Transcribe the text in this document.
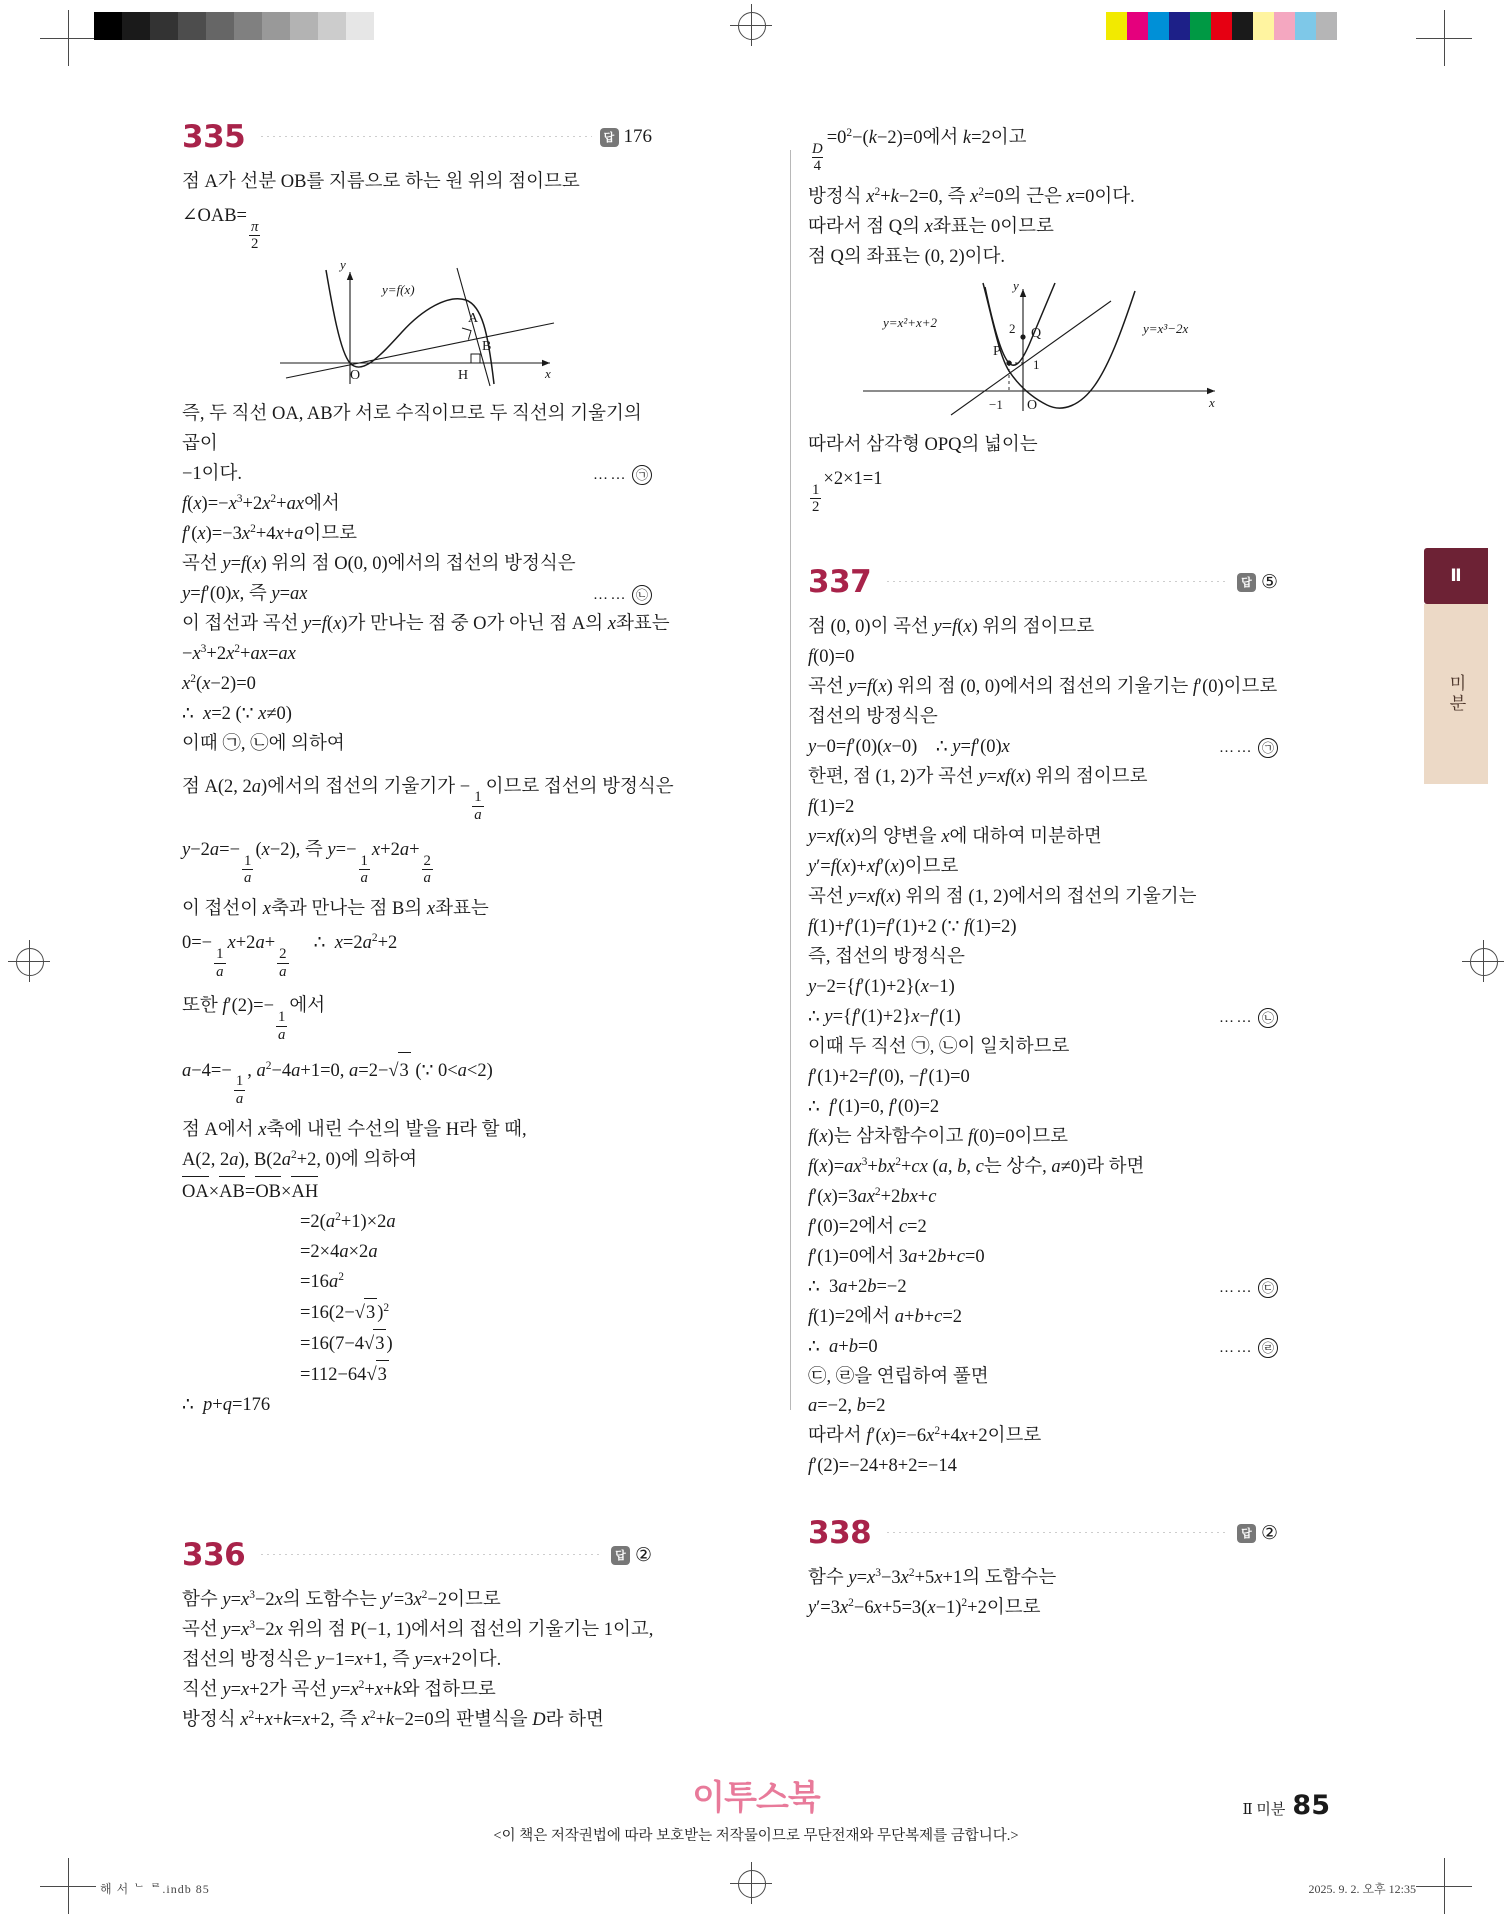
335	답 176
점 A가 선분 OB를 지름으로 하는 원 위의 점이므로
∠OAB=
$\frac{\pi}{2}$
y
x
y=f(x)
A
B
O	H
즉, 두 직선 OA, AB가 서로 수직이므로 두 직선의 기울기의 곱이
−1이다.	…… ㉠
$f(x)=-x^3+2x^2+ax$에서
$f'(x)=-3x^2+4x+a$이므로
곡선 y=f(x) 위의 점 O(0, 0)에서의 접선의 방정식은
y=f′(0)x, 즉 y=ax	…… ㉡
이 접선과 곡선 y=f(x)가 만나는 점 중 O가 아닌 점 A의 x좌표는
$-x^3+2x^2+ax=ax$
$x^2(x-2)=0$
∴  x=2 (∵ x≠0)
이때 ㉠, ㉡에 의하여
점 A(2, 2a)에서의 접선의 기울기가 −
$\frac{1}{a}$
이므로 접선의 방정식은
y−2a=−
$\frac{1}{a}$
(x−2), 즉 y=−
$\frac{1}{a}$
x+2a+
$\frac{2}{a}$
이 접선이 x축과 만나는 점 B의 x좌표는
0=−
$\frac{1}{a}$
x+2a+
$\frac{2}{a}$
∴  $x=2a^2+2$
또한 f′(2)=−
$\frac{1}{a}$
에서
a−4=−
$\frac{1}{a}$
, $a^2-4a+1=0$, a=2−√3 (∵ 0<a<2)
점 A에서 x축에 내린 수선의 발을 H라 할 때,
A(2, 2a), $B(2a^2+2$, 0)에 의하여
OA×AB=OB×AH
$=2(a^2+1)\times 2a$
=2×4a×2a
$=16a^2$
=16(2−√3 )$^2$
=16(7−4√3 )
=112−64√3
∴  p+q=176
336	답 ②
함수 $y=x^3-2x$의 도함수는 $y'=3x^2-2$이므로
곡선 $y=x^3-2x$ 위의 점 P(−1, 1)에서의 접선의 기울기는 1이고,
접선의 방정식은 y−1=x+1, 즉 y=x+2이다.
직선 y=x+2가 곡선 $y=x^2+x+k$와 접하므로
방정식 $x^2+x+k=x+2$, 즉 $x^2+k-2=0$의 판별식을 D라 하면
$\frac{D}{4}$
$=0^2-(k-2)=0$에서 k=2이고
방정식 $x^2+k-2=0$, 즉 $x^2=0$의 근은 x=0이다.
따라서 점 Q의 x좌표는 0이므로
점 Q의 좌표는 (0, 2)이다.
y
x
y=x²+x+2	y=x³−2x
P
Q
2
1
−1 O
따라서 삼각형 OPQ의 넓이는
$\frac{1}{2}$
×2×1=1
337	답 ⑤
점 (0, 0)이 곡선 y=f(x) 위의 점이므로
f(0)=0
곡선 y=f(x) 위의 점 (0, 0)에서의 접선의 기울기는 f′(0)이므로
접선의 방정식은
y−0=f′(0)(x−0)    ∴ y=f′(0)x	…… ㉠
한편, 점 (1, 2)가 곡선 y=xf(x) 위의 점이므로
f(1)=2
y=xf(x)의 양변을 x에 대하여 미분하면
y′=f(x)+xf′(x)이므로
곡선 y=xf(x) 위의 점 (1, 2)에서의 접선의 기울기는
f(1)+f′(1)=f′(1)+2 (∵ f(1)=2)
즉, 접선의 방정식은
y−2={f′(1)+2}(x−1)
∴ y={f′(1)+2}x−f′(1)	…… ㉡
이때 두 직선 ㉠, ㉡이 일치하므로
f′(1)+2=f′(0), −f′(1)=0
∴  f′(1)=0, f′(0)=2
f(x)는 삼차함수이고 f(0)=0이므로
$f(x)=ax^3+bx^2+cx$ (a, b, c는 상수, a≠0)라 하면
$f'(x)=3ax^2+2bx+c$
f′(0)=2에서 c=2
f′(1)=0에서 3a+2b+c=0
∴  3a+2b=−2	…… ㉢
f(1)=2에서 a+b+c=2
∴  a+b=0	…… ㉣
㉢, ㉣을 연립하여 풀면
a=−2, b=2
따라서 $f'(x)=-6x^2+4x+2$이므로
f′(2)=−24+8+2=−14
338	답 ②
함수 $y=x^3-3x^2+5x+1$의 도함수는
$y'=3x^2-6x+5=3(x-1)^2+2$이므로
Ⅱ
미분
이투스북
<이 책은 저작권법에 따라 보호받는 저작물이므로 무단전재와 무단복제를 금합니다.>
Ⅱ 미분 85
해 서 ᄂ ᄅ.indb 85	2025. 9. 2. 오후 12:35
